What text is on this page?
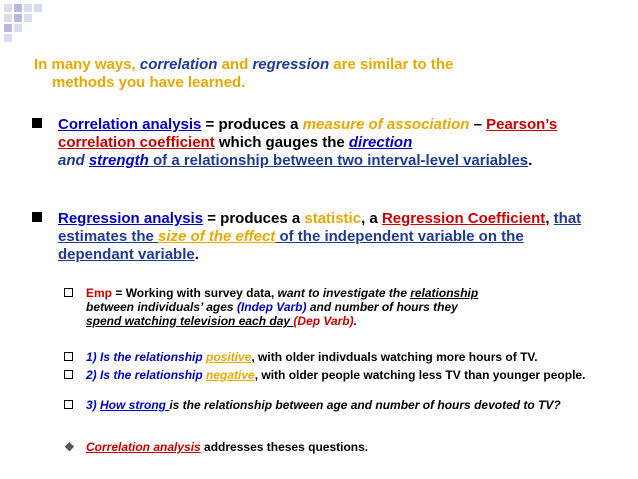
In many ways, correlation and regression are similar to the
methods you have learned.
Correlation analysis = produces a measure of association – Pearson’s correlation coefficient which gauges the direction
and strength of a relationship between two interval-level variables.
Regression analysis = produces a statistic, a Regression Coefficient, that estimates the size of the effect of the independent variable on the dependant variable.
Emp = Working with survey data, want to investigate the relationship
between individuals’ ages (Indep Varb) and number of hours they
spend watching television each day (Dep Varb).
1) Is the relationship positive, with older indivduals watching more hours of TV.
2) Is the relationship negative, with older people watching less TV than younger people.
3) How strong is the relationship between age and number of hours devoted to TV?
❖ Correlation analysis addresses theses questions.
